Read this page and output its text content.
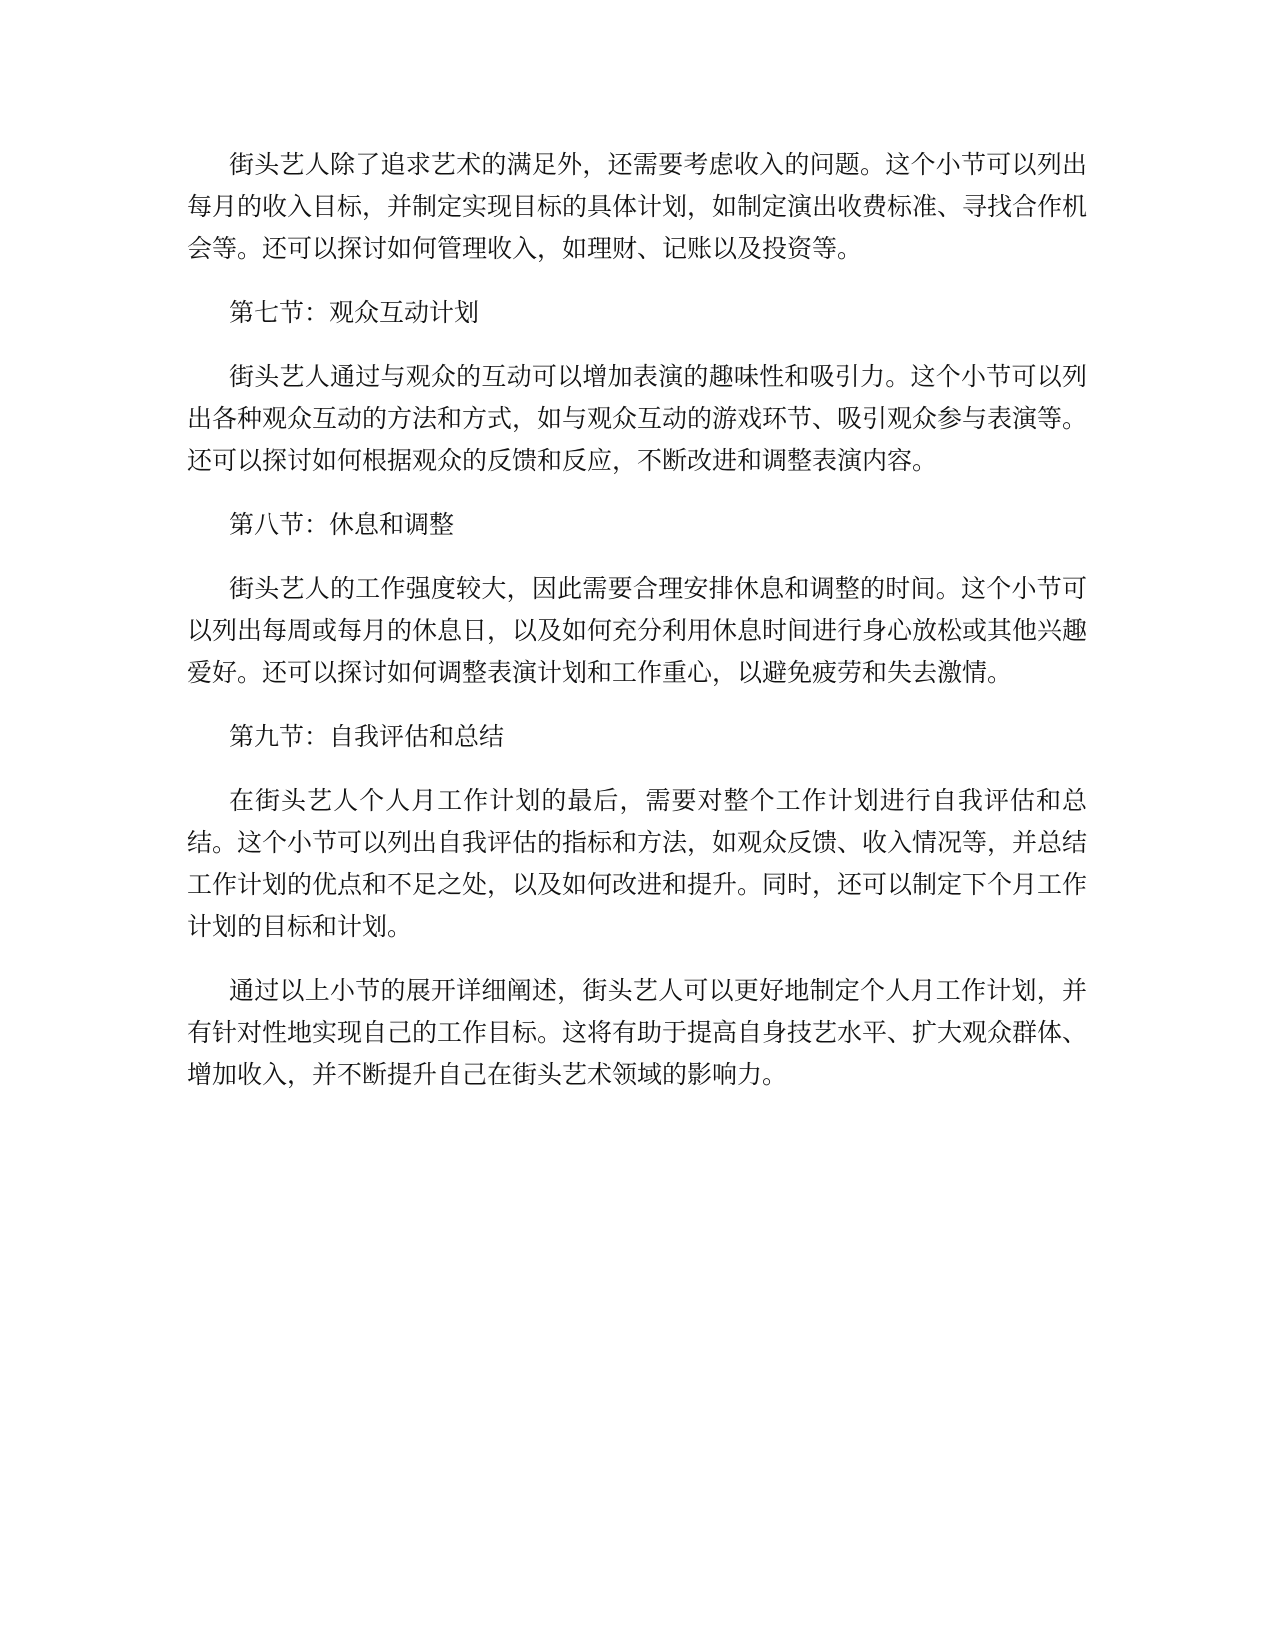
街头艺人除了追求艺术的满足外，还需要考虑收入的问题。这个小节可以列出每月的收入目标，并制定实现目标的具体计划，如制定演出收费标准、寻找合作机会等。还可以探讨如何管理收入，如理财、记账以及投资等。

第七节：观众互动计划

街头艺人通过与观众的互动可以增加表演的趣味性和吸引力。这个小节可以列出各种观众互动的方法和方式，如与观众互动的游戏环节、吸引观众参与表演等。还可以探讨如何根据观众的反馈和反应，不断改进和调整表演内容。

第八节：休息和调整

街头艺人的工作强度较大，因此需要合理安排休息和调整的时间。这个小节可以列出每周或每月的休息日，以及如何充分利用休息时间进行身心放松或其他兴趣爱好。还可以探讨如何调整表演计划和工作重心，以避免疲劳和失去激情。

第九节：自我评估和总结

在街头艺人个人月工作计划的最后，需要对整个工作计划进行自我评估和总结。这个小节可以列出自我评估的指标和方法，如观众反馈、收入情况等，并总结工作计划的优点和不足之处，以及如何改进和提升。同时，还可以制定下个月工作计划的目标和计划。

通过以上小节的展开详细阐述，街头艺人可以更好地制定个人月工作计划，并有针对性地实现自己的工作目标。这将有助于提高自身技艺水平、扩大观众群体、增加收入，并不断提升自己在街头艺术领域的影响力。
